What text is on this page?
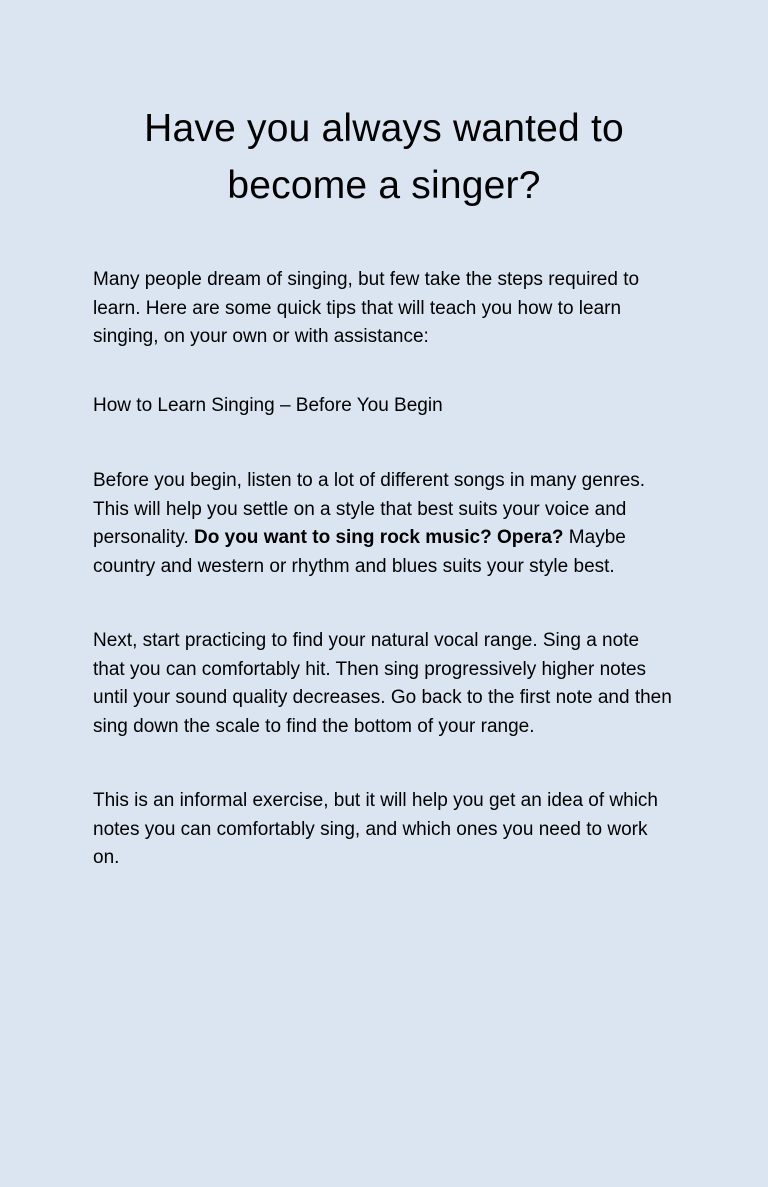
Have you always wanted to
become a singer?

Many people dream of singing, but few take the steps required to learn. Here are some quick tips that will teach you how to learn singing, on your own or with assistance:

How to Learn Singing – Before You Begin

Before you begin, listen to a lot of different songs in many genres. This will help you settle on a style that best suits your voice and personality. Do you want to sing rock music? Opera? Maybe country and western or rhythm and blues suits your style best.

Next, start practicing to find your natural vocal range. Sing a note that you can comfortably hit. Then sing progressively higher notes until your sound quality decreases. Go back to the first note and then sing down the scale to find the bottom of your range.

This is an informal exercise, but it will help you get an idea of which notes you can comfortably sing, and which ones you need to work on.
